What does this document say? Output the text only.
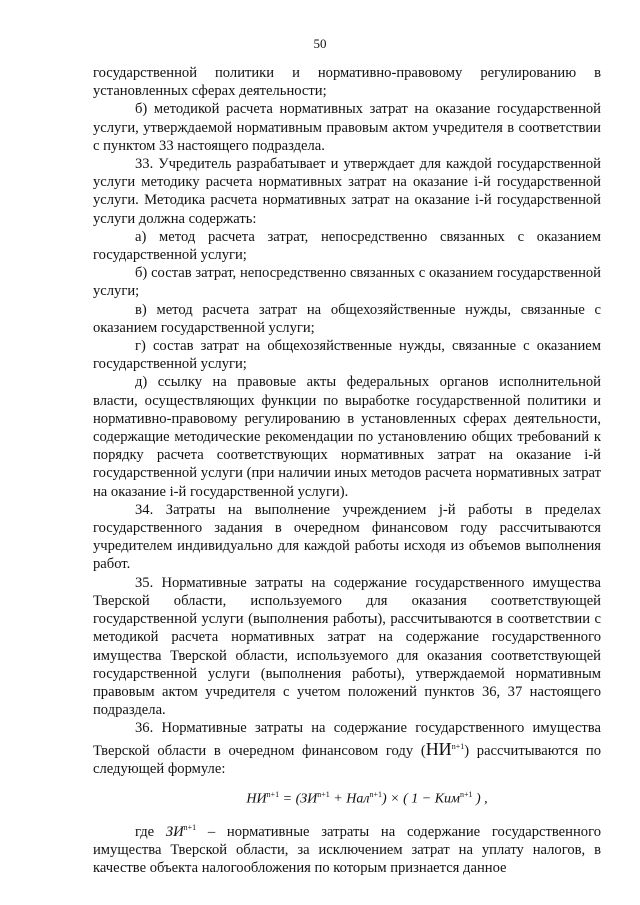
50

государственной политики и нормативно-правовому регулированию в установленных сферах деятельности;

б) методикой расчета нормативных затрат на оказание государственной услуги, утверждаемой нормативным правовым актом учредителя в соответствии с пунктом 33 настоящего подраздела.

33. Учредитель разрабатывает и утверждает для каждой государственной услуги методику расчета нормативных затрат на оказание i-й государственной услуги. Методика расчета нормативных затрат на оказание i-й государственной услуги должна содержать:

а) метод расчета затрат, непосредственно связанных с оказанием государственной услуги;

б) состав затрат, непосредственно связанных с оказанием государственной услуги;

в) метод расчета затрат на общехозяйственные нужды, связанные с оказанием государственной услуги;

г) состав затрат на общехозяйственные нужды, связанные с оказанием государственной услуги;

д) ссылку на правовые акты федеральных органов исполнительной власти, осуществляющих функции по выработке государственной политики и нормативно-правовому регулированию в установленных сферах деятельности, содержащие методические рекомендации по установлению общих требований к порядку расчета соответствующих нормативных затрат на оказание i-й государственной услуги (при наличии иных методов расчета нормативных затрат на оказание i-й государственной услуги).

34. Затраты на выполнение учреждением j-й работы в пределах государственного задания в очередном финансовом году рассчитываются учредителем индивидуально для каждой работы исходя из объемов выполнения работ.

35. Нормативные затраты на содержание государственного имущества Тверской области, используемого для оказания соответствующей государственной услуги (выполнения работы), рассчитываются в соответствии с методикой расчета нормативных затрат на содержание государственного имущества Тверской области, используемого для оказания соответствующей государственной услуги (выполнения работы), утверждаемой нормативным правовым актом учредителя с учетом положений пунктов 36, 37 настоящего подраздела.

36. Нормативные затраты на содержание государственного имущества Тверской области в очередном финансовом году $(НИ^{n+1})$ рассчитываются по следующей формуле:

$НИ^{n+1} = (ЗИ^{n+1} + Нал^{n+1})$ × ( 1 − Ким$^{n+1}$ ) ,

где $ЗИ^{n+1}$ – нормативные затраты на содержание государственного имущества Тверской области, за исключением затрат на уплату налогов, в качестве объекта налогообложения по которым признается данное
